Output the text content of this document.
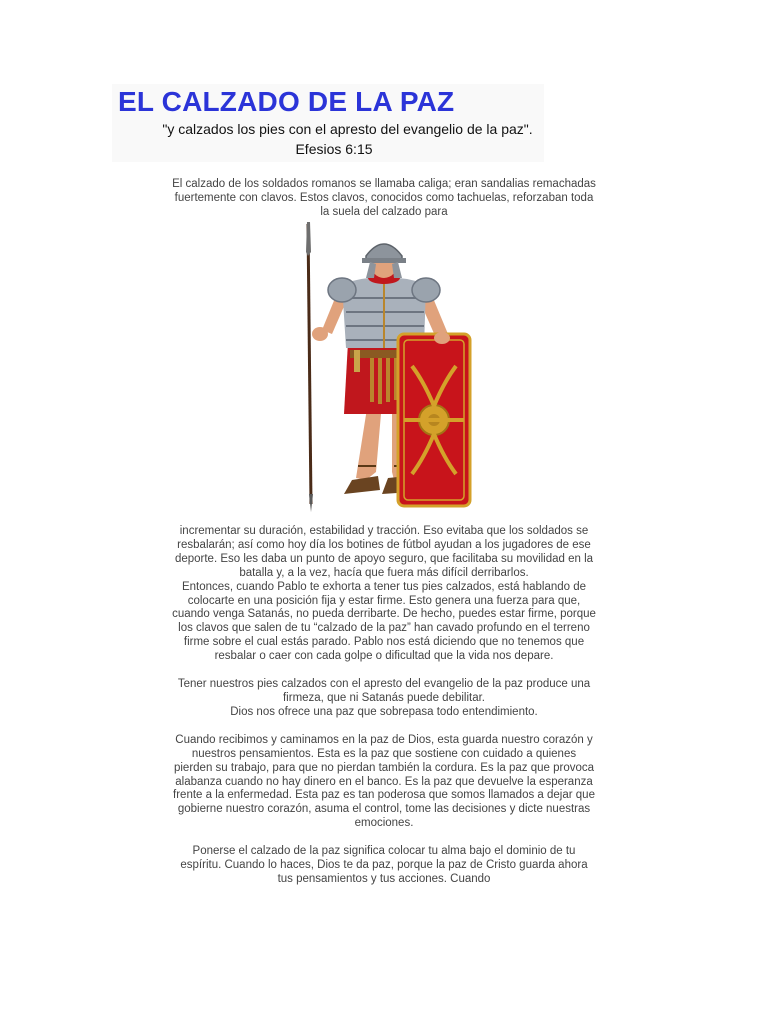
EL CALZADO DE LA PAZ
"y calzados los pies con el apresto del evangelio de la paz".
Efesios 6:15

El calzado de los soldados romanos se llamaba caliga; eran sandalias remachadas fuertemente con clavos. Estos clavos, conocidos como tachuelas, reforzaban toda la suela del calzado para

incrementar su duración, estabilidad y tracción. Eso evitaba que los soldados se resbalarán; así como hoy día los botines de fútbol ayudan a los jugadores de ese deporte. Eso les daba un punto de apoyo seguro, que facilitaba su movilidad en la batalla y, a la vez, hacía que fuera más difícil derribarlos.

Entonces, cuando Pablo te exhorta a tener tus pies calzados, está hablando de colocarte en una posición fija y estar firme. Esto genera una fuerza para que, cuando venga Satanás, no pueda derribarte. De hecho, puedes estar firme, porque los clavos que salen de tu “calzado de la paz” han cavado profundo en el terreno firme sobre el cual estás parado. Pablo nos está diciendo que no tenemos que resbalar o caer con cada golpe o dificultad que la vida nos depare.

Tener nuestros pies calzados con el apresto del evangelio de la paz produce una firmeza, que ni Satanás puede debilitar.

Dios nos ofrece una paz que sobrepasa todo entendimiento.

Cuando recibimos y caminamos en la paz de Dios, esta guarda nuestro corazón y nuestros pensamientos. Esta es la paz que sostiene con cuidado a quienes pierden su trabajo, para que no pierdan también la cordura. Es la paz que provoca alabanza cuando no hay dinero en el banco. Es la paz que devuelve la esperanza frente a la enfermedad. Esta paz es tan poderosa que somos llamados a dejar que gobierne nuestro corazón, asuma el control, tome las decisiones y dicte nuestras emociones.

Ponerse el calzado de la paz significa colocar tu alma bajo el dominio de tu espíritu. Cuando lo haces, Dios te da paz, porque la paz de Cristo guarda ahora tus pensamientos y tus acciones. Cuando
